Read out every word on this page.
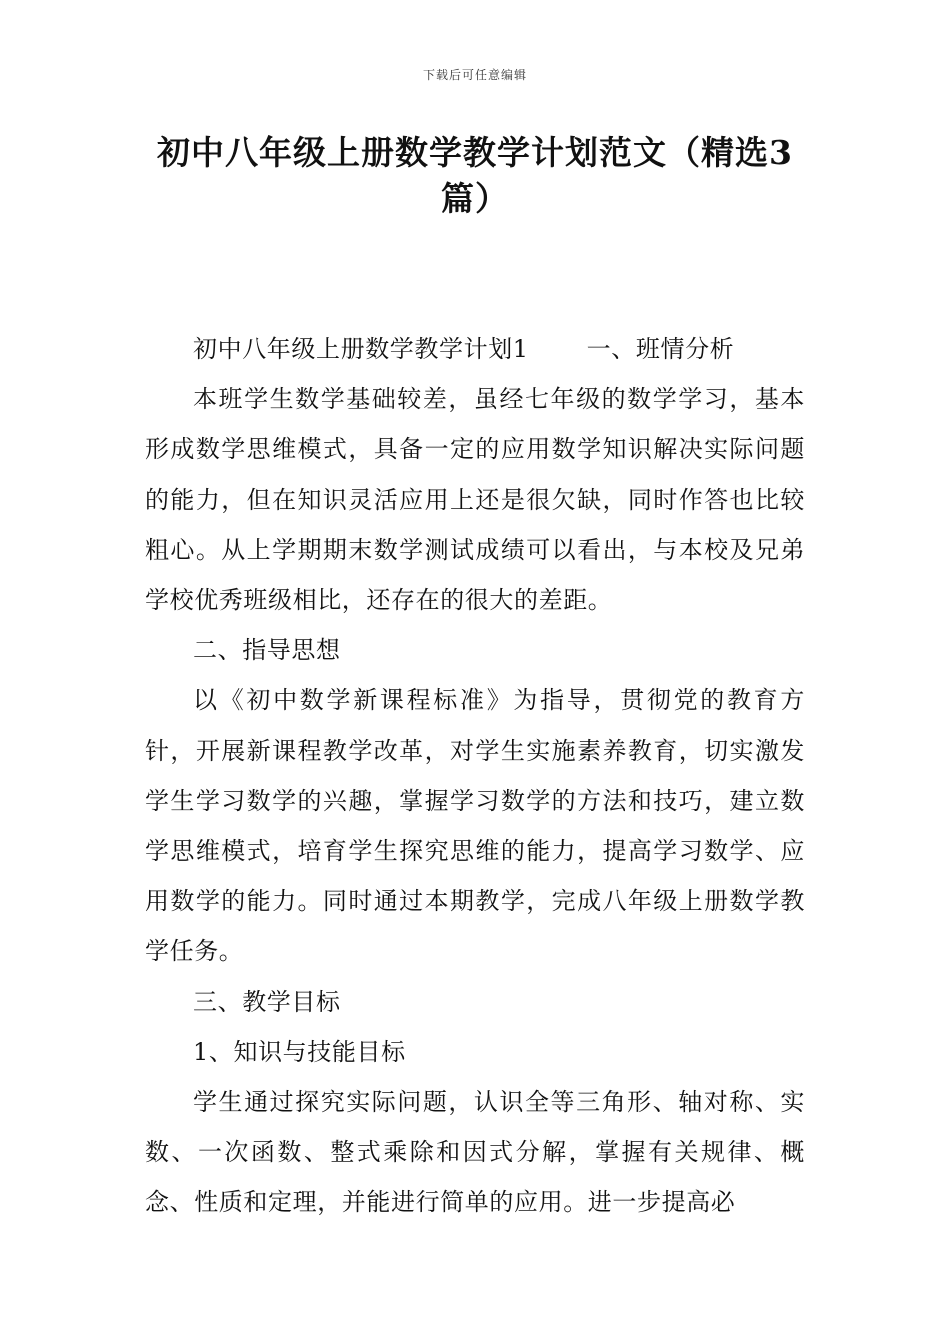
下载后可任意编辑
初中八年级上册数学教学计划范文（精选3篇）

初中八年级上册数学教学计划1 一、班情分析

本班学生数学基础较差，虽经七年级的数学学习，基本形成数学思维模式，具备一定的应用数学知识解决实际问题的能力，但在知识灵活应用上还是很欠缺，同时作答也比较粗心。从上学期期末数学测试成绩可以看出，与本校及兄弟学校优秀班级相比，还存在的很大的差距。

二、指导思想

以《初中数学新课程标准》为指导，贯彻党的教育方针，开展新课程教学改革，对学生实施素养教育，切实激发学生学习数学的兴趣，掌握学习数学的方法和技巧，建立数学思维模式，培育学生探究思维的能力，提高学习数学、应用数学的能力。同时通过本期教学，完成八年级上册数学教学任务。

三、教学目标

1、知识与技能目标

学生通过探究实际问题，认识全等三角形、轴对称、实数、一次函数、整式乘除和因式分解，掌握有关规律、概念、性质和定理，并能进行简单的应用。进一步提高必
